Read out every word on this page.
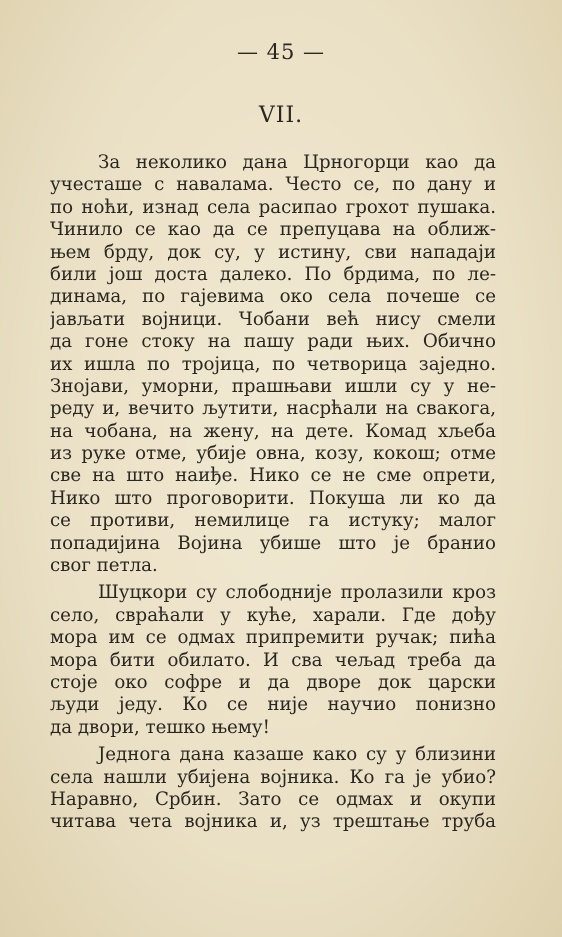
— 45 —
VII.
За неколико дана Црногорци као да
учесташе с навалама. Често се, по дану и
по ноћи, изнад села расипао грохот пушака.
Чинило се као да се препуцава на оближ-
њем брду, док су, у истину, сви нападаји
били још доста далеко. По брдима, по ле-
динама, по гајевима око села почеше се
јављати војници. Чобани већ нису смели
да гоне стоку на пашу ради њих. Обично
их ишла по тројица, по четворица заједно.
Знојави, уморни, прашњави ишли су у не-
реду и, вечито љутити, насрћали на свакога,
на чобана, на жену, на дете. Комад хљеба
из руке отме, убије овна, козу, кокош; отме
све на што наиђе. Нико се не сме опрети,
Нико што проговорити. Покуша ли ко да
се противи, немилице га истуку; малог
попадијина Војина убише што је бранио
свог петла.
Шуцкори су слободније пролазили кроз
село, свраћали у куће, харали. Где дођу
мора им се одмах припремити ручак; пића
мора бити обилато. И сва чељад треба да
стоје око софре и да дворе док царски
људи једу. Ко се није научио понизно
да двори, тешко њему!
Једнога дана казаше како су у близини
села нашли убијена војника. Ко га је убио?
Наравно, Србин. Зато се одмах и окупи
читава чета војника и, уз трештање труба
